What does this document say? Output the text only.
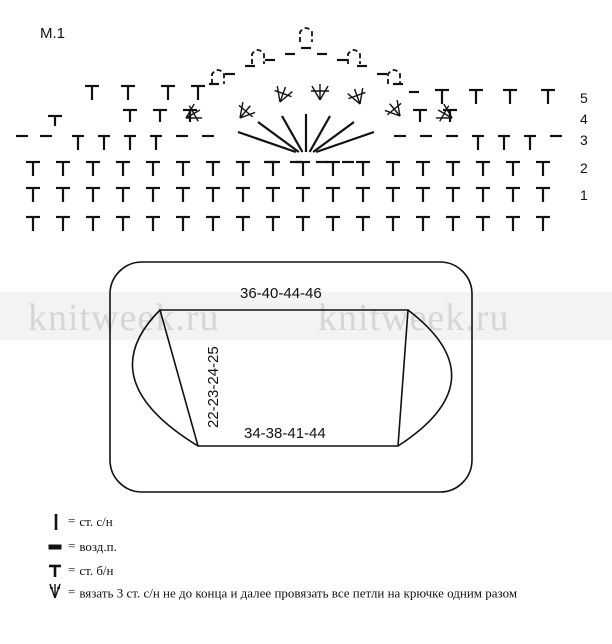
knitweek.ru	knitweek.ru
М.1
5
4
3
2
1
36-40-44-46
34-38-41-44
22-23-24-25
= ст. с/н
= возд.п.
= ст. б/н
= вязать 3 ст. с/н не до конца и далее провязать все петли на крючке одним разом
